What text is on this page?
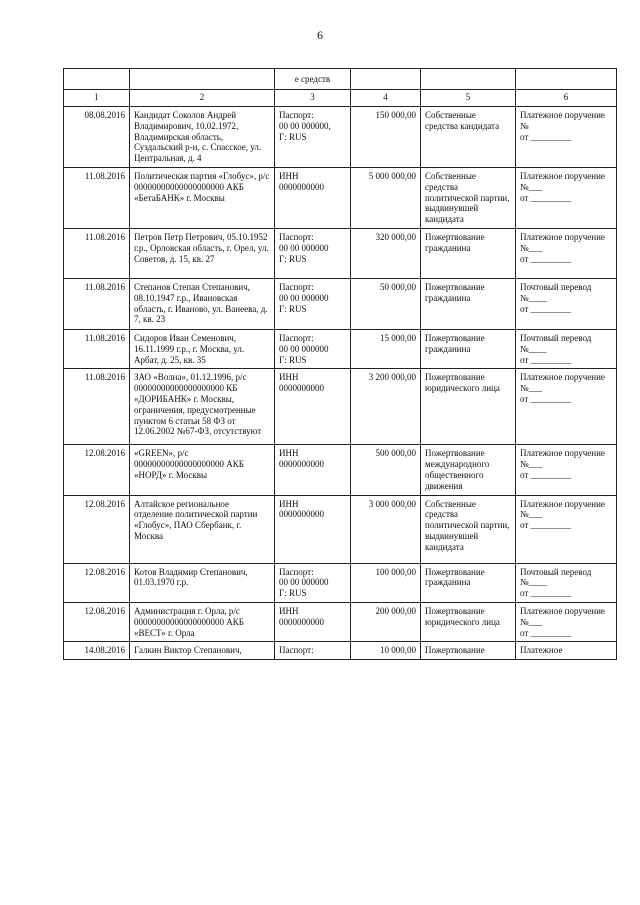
6
		е средств			
1	2	3	4	5	6
08.08.2016	Кандидат Соколов Андрей Владимирович, 10.02.1972, Владимирская область, Суздальский р-н, с. Спасское, ул. Центральная, д. 4	Паспорт:
00 00 000000,
Г: RUS	150 000,00	Собственные средства кандидата	Платежное поручение №
от _________
11.08.2016	Политическая партия «Глобус», р/с 00000000000000000000 АКБ «БетаБАНК» г. Москвы	ИНН
0000000000	5 000 000,00	Собственные средства политической партии, выдвинувшей кандидата	Платежное поручение №___
от _________
11.08.2016	Петров Петр Петрович, 05.10.1952 г.р., Орловская область, г. Орел, ул. Советов, д. 15, кв. 27	Паспорт:
00 00 000000
Г: RUS	320 000,00	Пожертвование гражданина	Платежное поручение №___
от _________
11.08.2016	Степанов Степан Степанович, 08.10.1947 г.р., Ивановская область, г. Иваново, ул. Ванеева, д. 7, кв. 23	Паспорт:
00 00 000000
Г: RUS	50 000,00	Пожертвование гражданина	Почтовый перевод №____
от _________
11.08.2016	Сидоров Иван Семенович, 16.11.1999 г.р., г. Москва, ул. Арбат, д. 25, кв. 35	Паспорт:
00 00 000000
Г: RUS	15 000,00	Пожертвование гражданина	Почтовый перевод №____
от _________
11.08.2016	ЗАО «Волна», 01.12.1996, р/с 00000000000000000000 КБ «ДОРИБАНК» г. Москвы, ограничения, предусмотренные пунктом 6 статьи 58 ФЗ от 12.06.2002 №67-ФЗ, отсутствуют	ИНН
0000000000	3 200 000,00	Пожертвование юридического лица	Платежное поручение №___
от _________
12.08.2016	«GREEN», р/с 00000000000000000000 АКБ «НОРД» г. Москвы	ИНН
0000000000	500 000,00	Пожертвование международного общественного движения	Платежное поручение №___
от _________
12.08.2016	Алтайское региональное отделение политической партии «Глобус», ПАО Сбербанк, г. Москва	ИНН
0000000000	3 000 000,00	Собственные средства политической партии, выдвинувшей кандидата	Платежное поручение №___
от _________
12.08.2016	Котов Владимир Степанович, 01.03.1970 г.р.	Паспорт:
00 00 000000
Г: RUS	100 000,00	Пожертвование гражданина	Почтовый перевод №____
от _________
12.08.2016	Администрация г. Орла, р/с 00000000000000000000 АКБ «ВЕСТ» г. Орла	ИНН
0000000000	200 000,00	Пожертвование юридического лица	Платежное поручение №___
от _________
14.08.2016	Галкин Виктор Степанович,	Паспорт:	10 000,00	Пожертвование	Платежное
